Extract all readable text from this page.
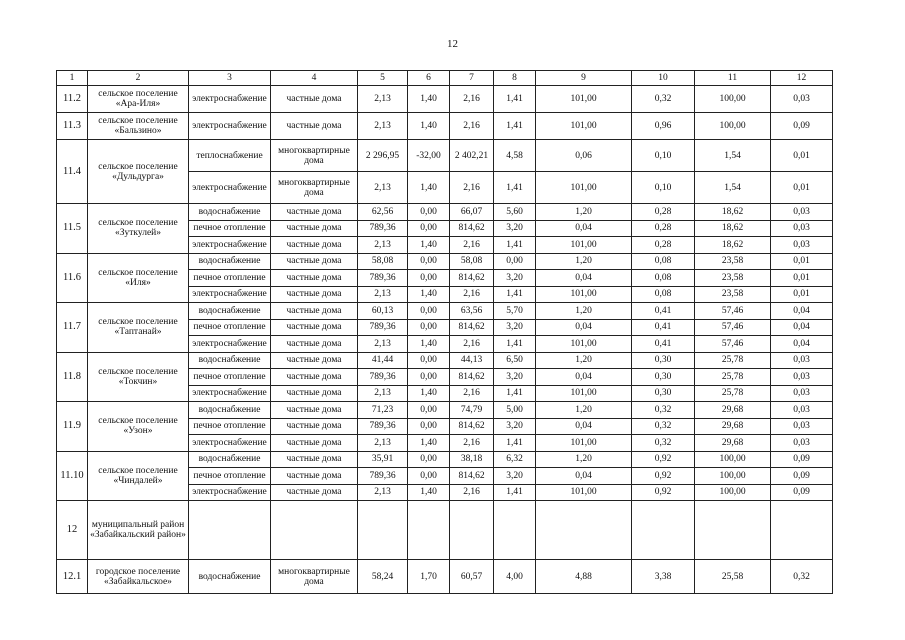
12
1	2	3	4	5	6	7	8	9	10	11	12
11.2	сельское поселение «Ара-Иля»	электроснабжение	частные дома	2,13	1,40	2,16	1,41	101,00	0,32	100,00	0,03
11.3	сельское поселение «Бальзино»	электроснабжение	частные дома	2,13	1,40	2,16	1,41	101,00	0,96	100,00	0,09
11.4	сельское поселение «Дульдурга»	теплоснабжение	многоквартирные дома	2 296,95	-32,00	2 402,21	4,58	0,06	0,10	1,54	0,01
		электроснабжение	многоквартирные дома	2,13	1,40	2,16	1,41	101,00	0,10	1,54	0,01
11.5	сельское поселение «Зуткулей»	водоснабжение	частные дома	62,56	0,00	66,07	5,60	1,20	0,28	18,62	0,03
		печное отопление	частные дома	789,36	0,00	814,62	3,20	0,04	0,28	18,62	0,03
		электроснабжение	частные дома	2,13	1,40	2,16	1,41	101,00	0,28	18,62	0,03
11.6	сельское поселение «Иля»	водоснабжение	частные дома	58,08	0,00	58,08	0,00	1,20	0,08	23,58	0,01
		печное отопление	частные дома	789,36	0,00	814,62	3,20	0,04	0,08	23,58	0,01
		электроснабжение	частные дома	2,13	1,40	2,16	1,41	101,00	0,08	23,58	0,01
11.7	сельское поселение «Таптанай»	водоснабжение	частные дома	60,13	0,00	63,56	5,70	1,20	0,41	57,46	0,04
		печное отопление	частные дома	789,36	0,00	814,62	3,20	0,04	0,41	57,46	0,04
		электроснабжение	частные дома	2,13	1,40	2,16	1,41	101,00	0,41	57,46	0,04
11.8	сельское поселение «Токчин»	водоснабжение	частные дома	41,44	0,00	44,13	6,50	1,20	0,30	25,78	0,03
		печное отопление	частные дома	789,36	0,00	814,62	3,20	0,04	0,30	25,78	0,03
		электроснабжение	частные дома	2,13	1,40	2,16	1,41	101,00	0,30	25,78	0,03
11.9	сельское поселение «Узон»	водоснабжение	частные дома	71,23	0,00	74,79	5,00	1,20	0,32	29,68	0,03
		печное отопление	частные дома	789,36	0,00	814,62	3,20	0,04	0,32	29,68	0,03
		электроснабжение	частные дома	2,13	1,40	2,16	1,41	101,00	0,32	29,68	0,03
11.10	сельское поселение «Чиндалей»	водоснабжение	частные дома	35,91	0,00	38,18	6,32	1,20	0,92	100,00	0,09
		печное отопление	частные дома	789,36	0,00	814,62	3,20	0,04	0,92	100,00	0,09
		электроснабжение	частные дома	2,13	1,40	2,16	1,41	101,00	0,92	100,00	0,09
12	муниципальный район «Забайкальский район»										
12.1	городское поселение «Забайкальское»	водоснабжение	многоквартирные дома	58,24	1,70	60,57	4,00	4,88	3,38	25,58	0,32
